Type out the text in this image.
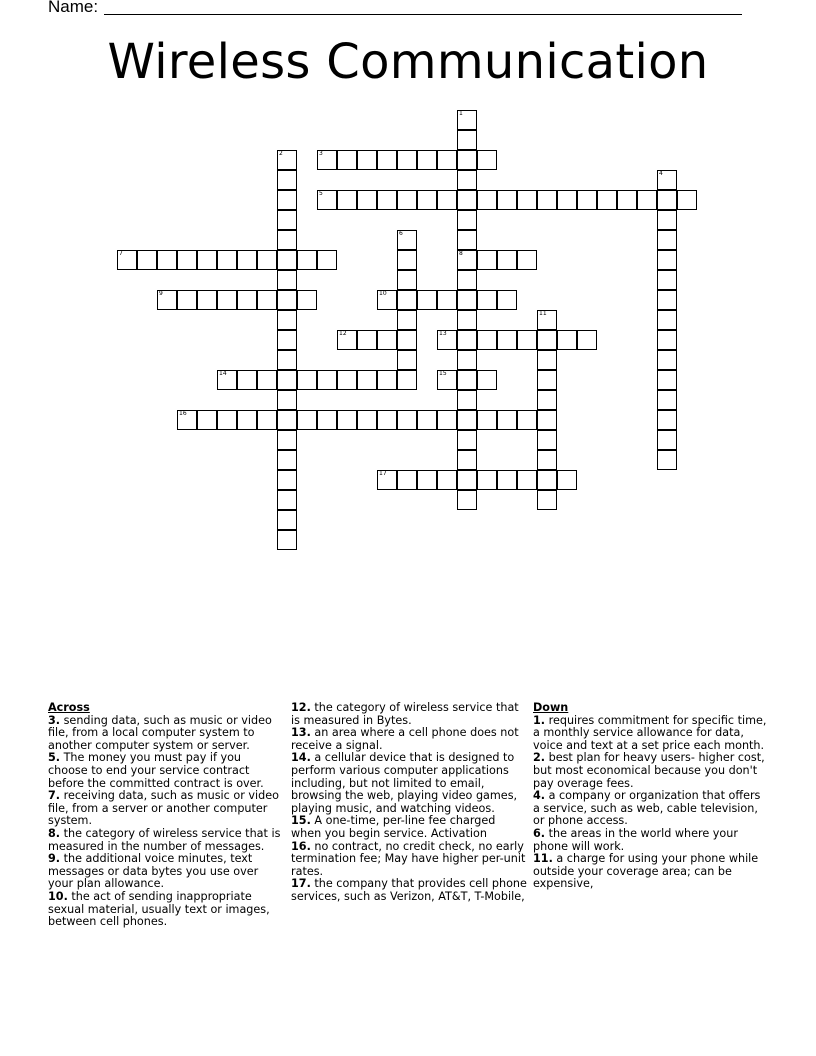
Name:
Wireless Communication
1
8
2	3
4
5
6
7
9	10
11
12	13
14	15
16
17
Across
3. sending data, such as music or video file, from a local computer system to another computer system or server.
5. The money you must pay if you choose to end your service contract before the committed contract is over.
7. receiving data, such as music or video file, from a server or another computer system.
8. the category of wireless service that is measured in the number of messages.
9. the additional voice minutes, text messages or data bytes you use over your plan allowance.
10. the act of sending inappropriate sexual material, usually text or images, between cell phones.
12. the category of wireless service that is measured in Bytes.
13. an area where a cell phone does not receive a signal.
14. a cellular device that is designed to perform various computer applications including, but not limited to email, browsing the web, playing video games, playing music, and watching videos.
15. A one-time, per-line fee charged when you begin service. Activation
16. no contract, no credit check, no early termination fee; May have higher per-unit rates.
17. the company that provides cell phone services, such as Verizon, AT&T, T-Mobile,
Down
1. requires commitment for specific time, a monthly service allowance for data, voice and text at a set price each month.
2. best plan for heavy users- higher cost, but most economical because you don't pay overage fees.
4. a company or organization that offers a service, such as web, cable television, or phone access.
6. the areas in the world where your phone will work.
11. a charge for using your phone while outside your coverage area; can be expensive,
